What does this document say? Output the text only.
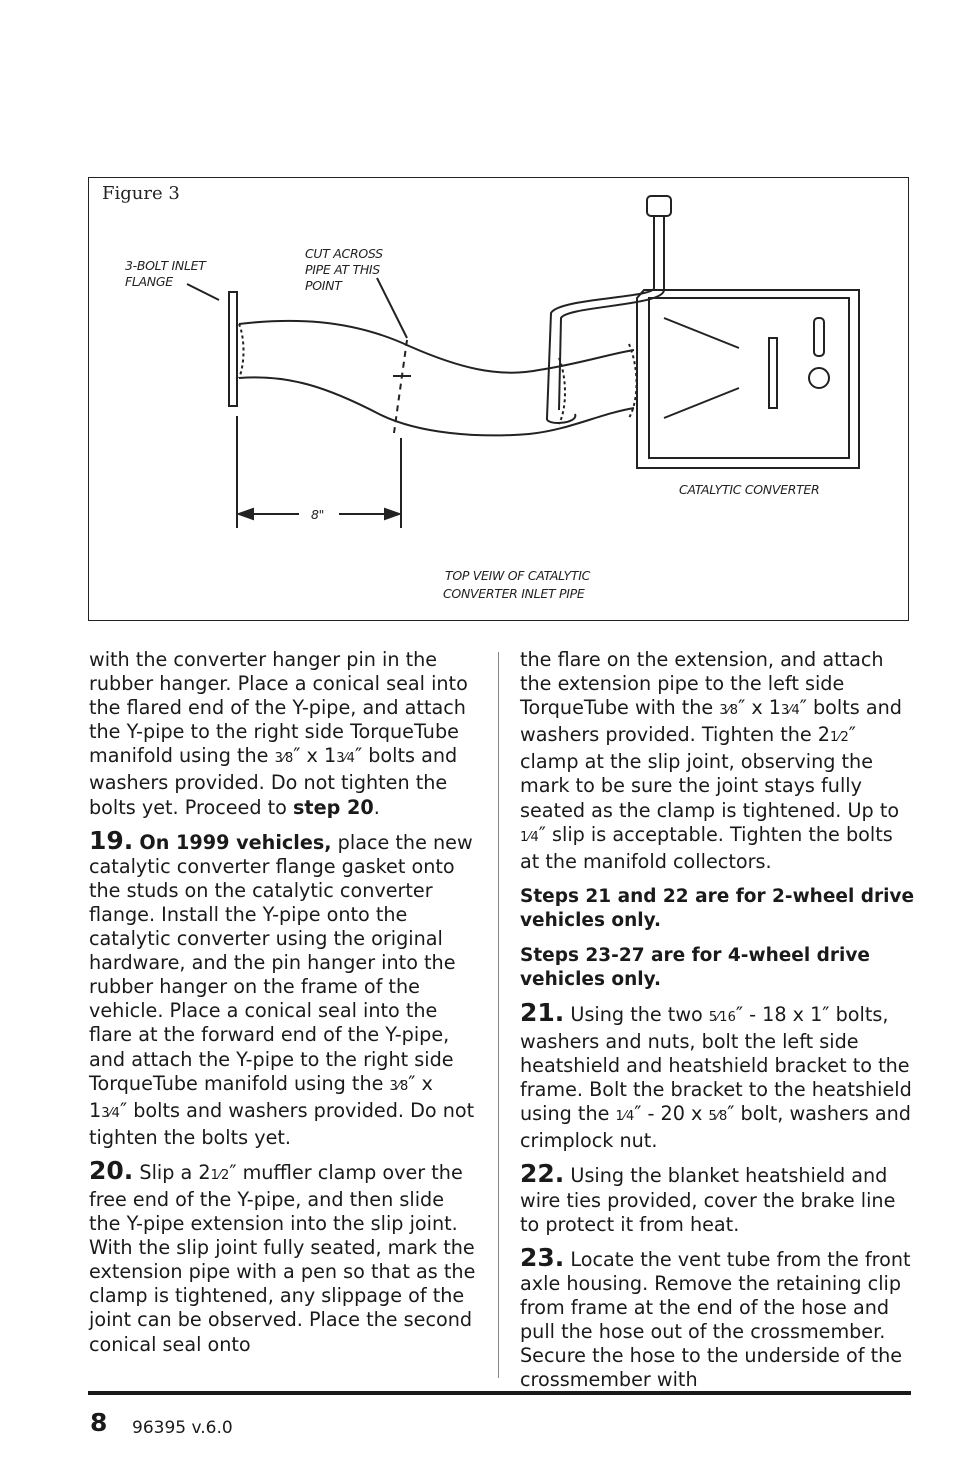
Figure 3
3-BOLT INLET
FLANGE
CUT ACROSS
PIPE AT THIS
POINT
8"
CATALYTIC CONVERTER
TOP VEIW OF CATALYTIC
CONVERTER INLET PIPE

with the converter hanger pin in the rubber hanger. Place a conical seal into the flared end of the Y-pipe, and attach the Y-pipe to the right side TorqueTube manifold using the 3⁄8″ x 13⁄4″ bolts and washers provided. Do not tighten the bolts yet. Proceed to step 20.

19. On 1999 vehicles, place the new catalytic converter flange gasket onto the studs on the catalytic converter flange. Install the Y-pipe onto the catalytic converter using the original hardware, and the pin hanger into the rubber hanger on the frame of the vehicle. Place a conical seal into the flare at the forward end of the Y-pipe, and attach the Y-pipe to the right side TorqueTube manifold using the 3⁄8″ x 13⁄4″ bolts and washers provided. Do not tighten the bolts yet.

20. Slip a 21⁄2″ muffler clamp over the free end of the Y-pipe, and then slide the Y-pipe extension into the slip joint. With the slip joint fully seated, mark the extension pipe with a pen so that as the clamp is tightened, any slippage of the joint can be observed. Place the second conical seal onto

the flare on the extension, and attach the extension pipe to the left side TorqueTube with the 3⁄8″ x 13⁄4″ bolts and washers provided. Tighten the 21⁄2″ clamp at the slip joint, observing the mark to be sure the joint stays fully seated as the clamp is tightened. Up to 1⁄4″ slip is acceptable. Tighten the bolts at the manifold collectors.

Steps 21 and 22 are for 2-wheel drive vehicles only.

Steps 23-27 are for 4-wheel drive vehicles only.

21. Using the two 5⁄16″ - 18 x 1″ bolts, washers and nuts, bolt the left side heatshield and heatshield bracket to the frame. Bolt the bracket to the heatshield using the 1⁄4″ - 20 x 5⁄8″ bolt, washers and crimplock nut.

22. Using the blanket heatshield and wire ties provided, cover the brake line to protect it from heat.

23. Locate the vent tube from the front axle housing. Remove the retaining clip from frame at the end of the hose and pull the hose out of the crossmember. Secure the hose to the underside of the crossmember with

8 96395 v.6.0
